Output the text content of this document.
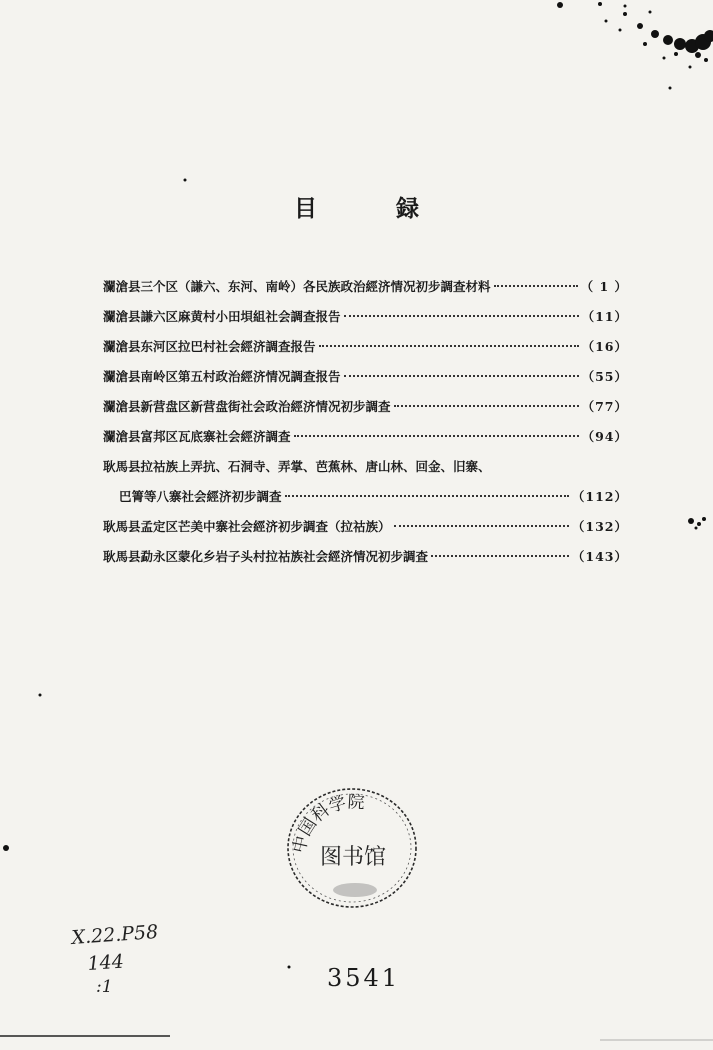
目　録
瀾滄县三个区（謙六、东河、南岭）各民族政治經济情况初步調查材料	（ 1 ）
瀾滄县謙六区麻黄村小田垻組社会調查报告	（11）
瀾滄县东河区拉巴村社会經济調查报告	（16）
瀾滄县南岭区第五村政治經济情况調查报告	（55）
瀾滄县新营盘区新营盘街社会政治經济情况初步調查	（77）
瀾滄县富邦区瓦底寨社会經济調查	（94）
耿馬县拉祜族上弄抗、石洞寺、弄掌、芭蕉林、唐山林、回金、旧寨、
巴箐等八寨社会經济初步調查	（112）
耿馬县孟定区芒美中寨社会經济初步調查（拉祜族）	（132）
耿馬县勐永区蒙化乡岩子头村拉祜族社会經济情况初步調查	（143）
中国科学院
图书馆
X.22.P58
144
:1	3541
